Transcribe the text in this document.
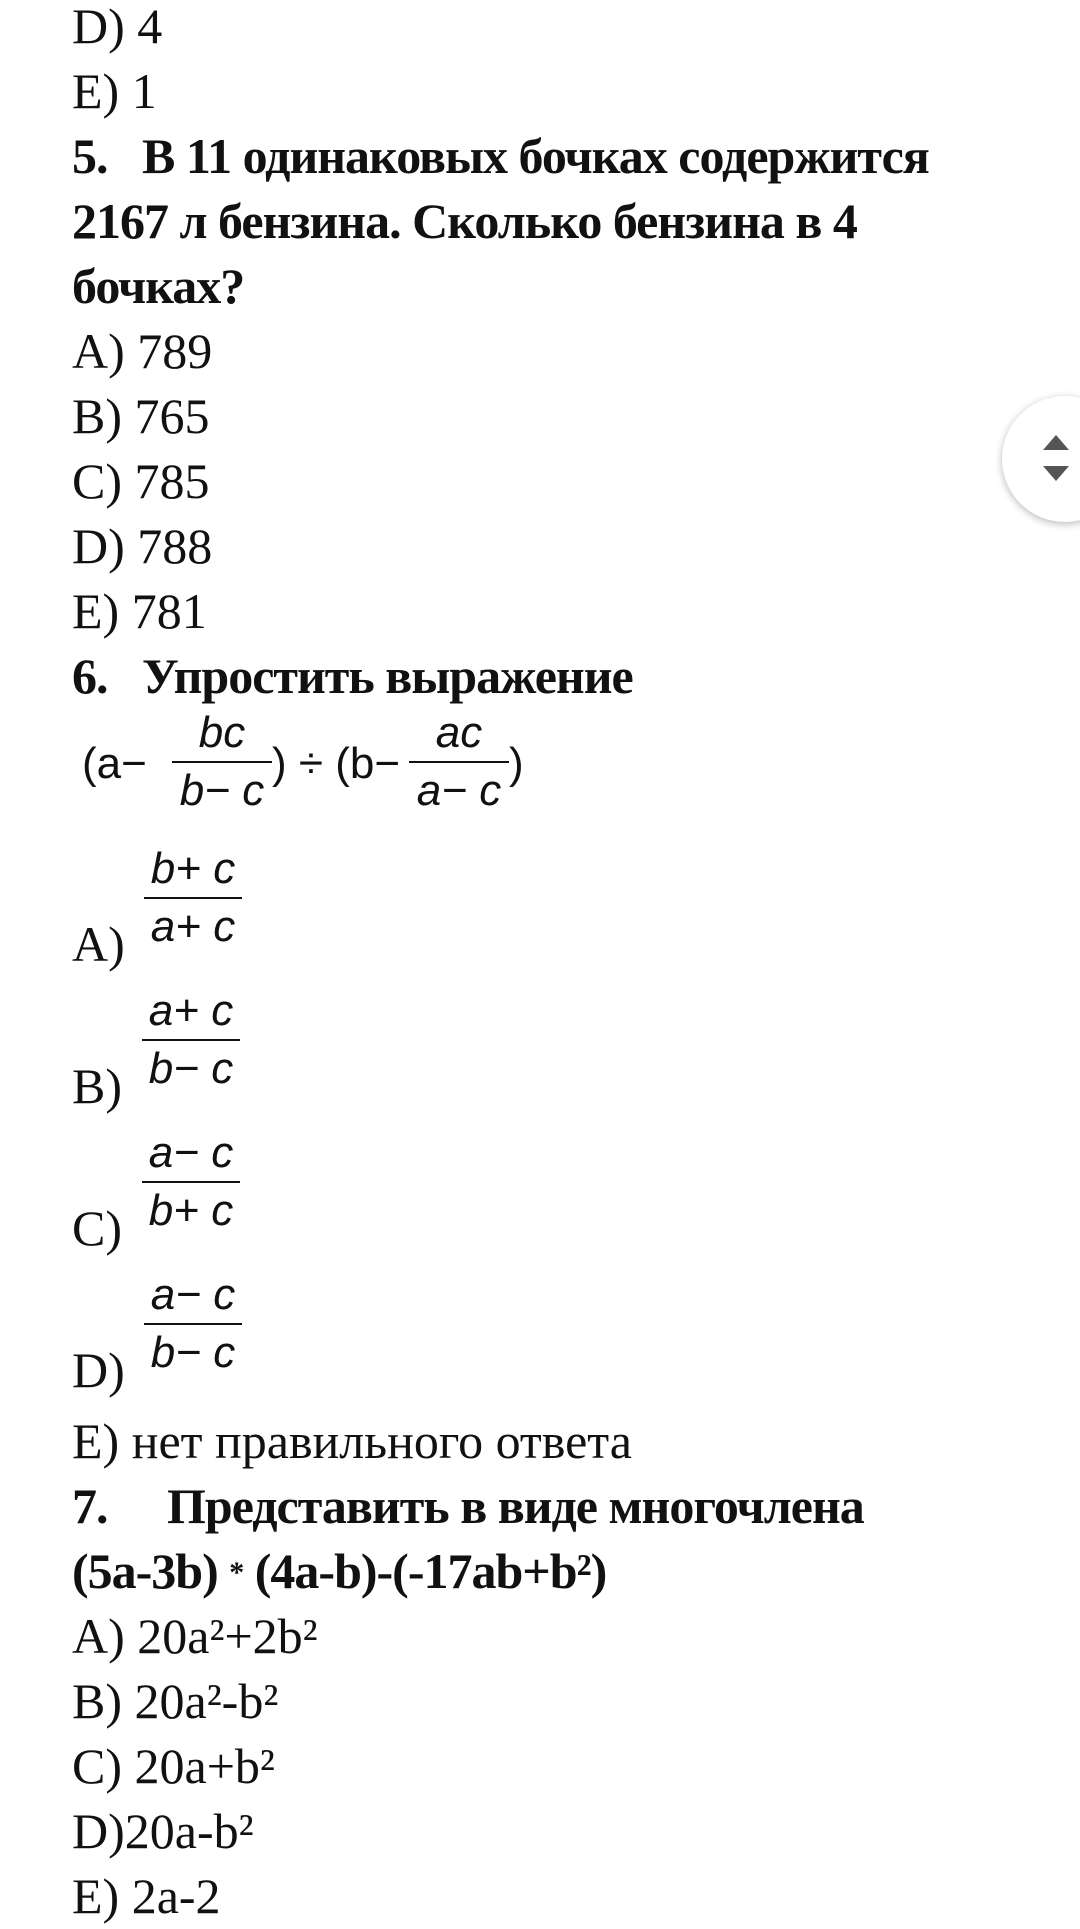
D) 4
E) 1
5. В 11 одинаковых бочках содержится
2167 л бензина. Сколько бензина в 4
бочках?
A) 789
B) 765
C) 785
D) 788
E) 781
6. Упростить выражение
(a−
bc
b− c
) ÷ (b−
ac
a− c
)
A)
b+ c
a+ c
B)
a+ c
b− c
C)
a− c
b+ c
D)
a− c
b− c
E) нет правильного ответа
7. Представить в виде многочлена
(5a-3b) * (4a-b)-(-17ab+b²)
A) 20a²+2b²
B) 20a²-b²
C) 20a+b²
D)20a-b²
E) 2a-2
